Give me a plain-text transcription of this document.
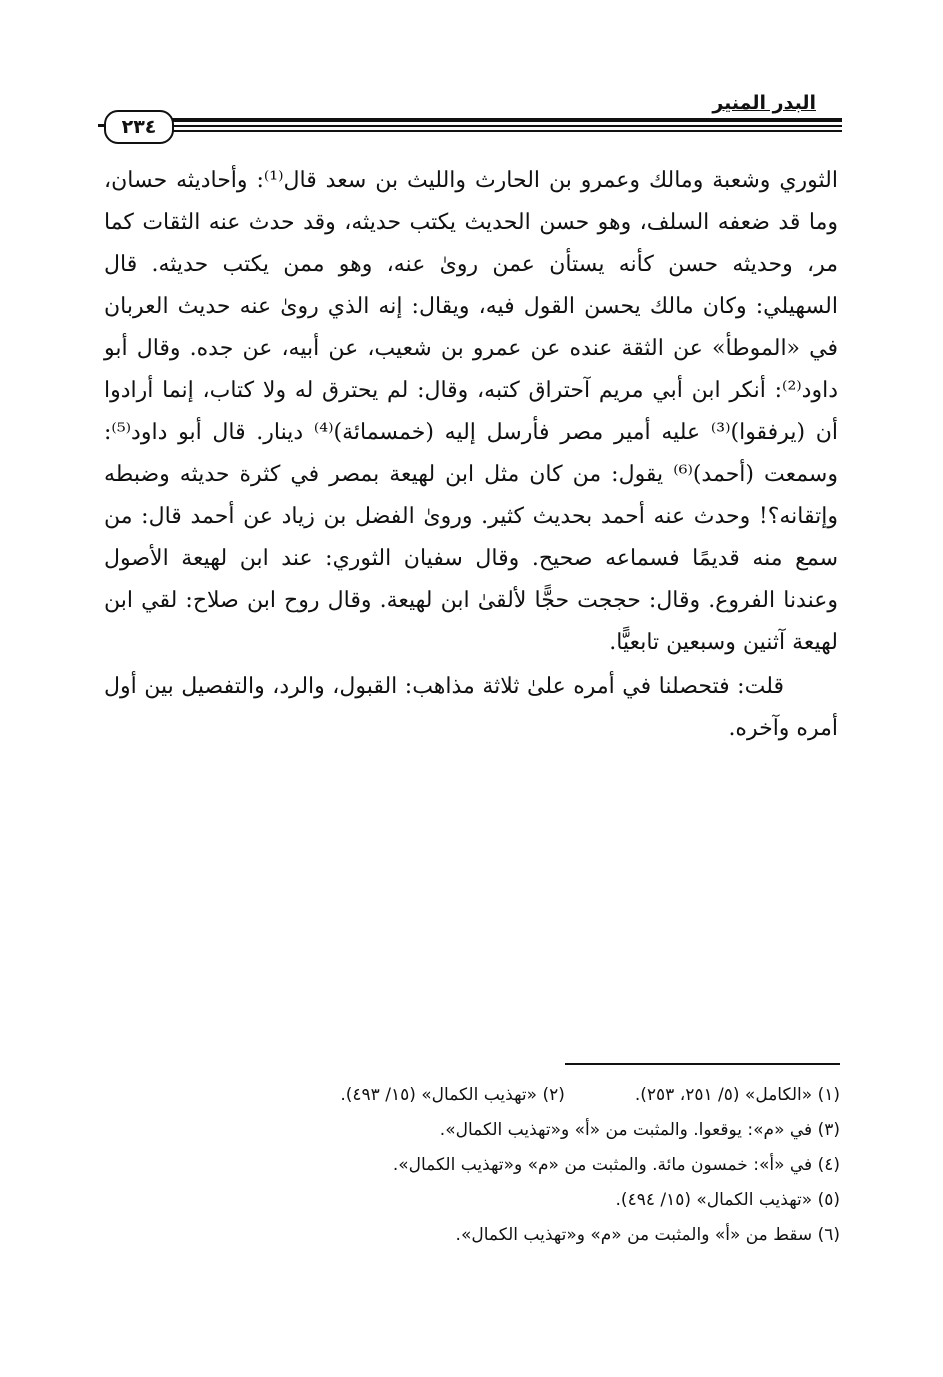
البدر المنير
٢٣٤

الثوري وشعبة ومالك وعمرو بن الحارث والليث بن سعد قال⁽¹⁾: وأحاديثه حسان، وما قد ضعفه السلف، وهو حسن الحديث يكتب حديثه، وقد حدث عنه الثقات كما مر، وحديثه حسن كأنه يستأن عمن روىٰ عنه، وهو ممن يكتب حديثه. قال السهيلي: وكان مالك يحسن القول فيه، ويقال: إنه الذي روىٰ عنه حديث العربان في «الموطأ» عن الثقة عنده عن عمرو بن شعيب، عن أبيه، عن جده. وقال أبو داود⁽²⁾: أنكر ابن أبي مريم آحتراق كتبه، وقال: لم يحترق له ولا كتاب، إنما أرادوا أن (يرفقوا)⁽³⁾ عليه أمير مصر فأرسل إليه (خمسمائة)⁽⁴⁾ دينار. قال أبو داود⁽⁵⁾: وسمعت (أحمد)⁽⁶⁾ يقول: من كان مثل ابن لهيعة بمصر في كثرة حديثه وضبطه وإتقانه؟! وحدث عنه أحمد بحديث كثير. وروىٰ الفضل بن زياد عن أحمد قال: من سمع منه قديمًا فسماعه صحيح. وقال سفيان الثوري: عند ابن لهيعة الأصول وعندنا الفروع. وقال: حججت حجًّا لألقىٰ ابن لهيعة. وقال روح ابن صلاح: لقي ابن لهيعة آثنين وسبعين تابعيًّا.

قلت: فتحصلنا في أمره علىٰ ثلاثة مذاهب: القبول، والرد، والتفصيل بين أول أمره وآخره.

(١) «الكامل» (٥/ ٢٥١، ٢٥٣).(٢) «تهذيب الكمال» (١٥/ ٤٩٣).
(٣) في «م»: يوقعوا. والمثبت من «أ» و«تهذيب الكمال».
(٤) في «أ»: خمسون مائة. والمثبت من «م» و«تهذيب الكمال».
(٥) «تهذيب الكمال» (١٥/ ٤٩٤).
(٦) سقط من «أ» والمثبت من «م» و«تهذيب الكمال».
